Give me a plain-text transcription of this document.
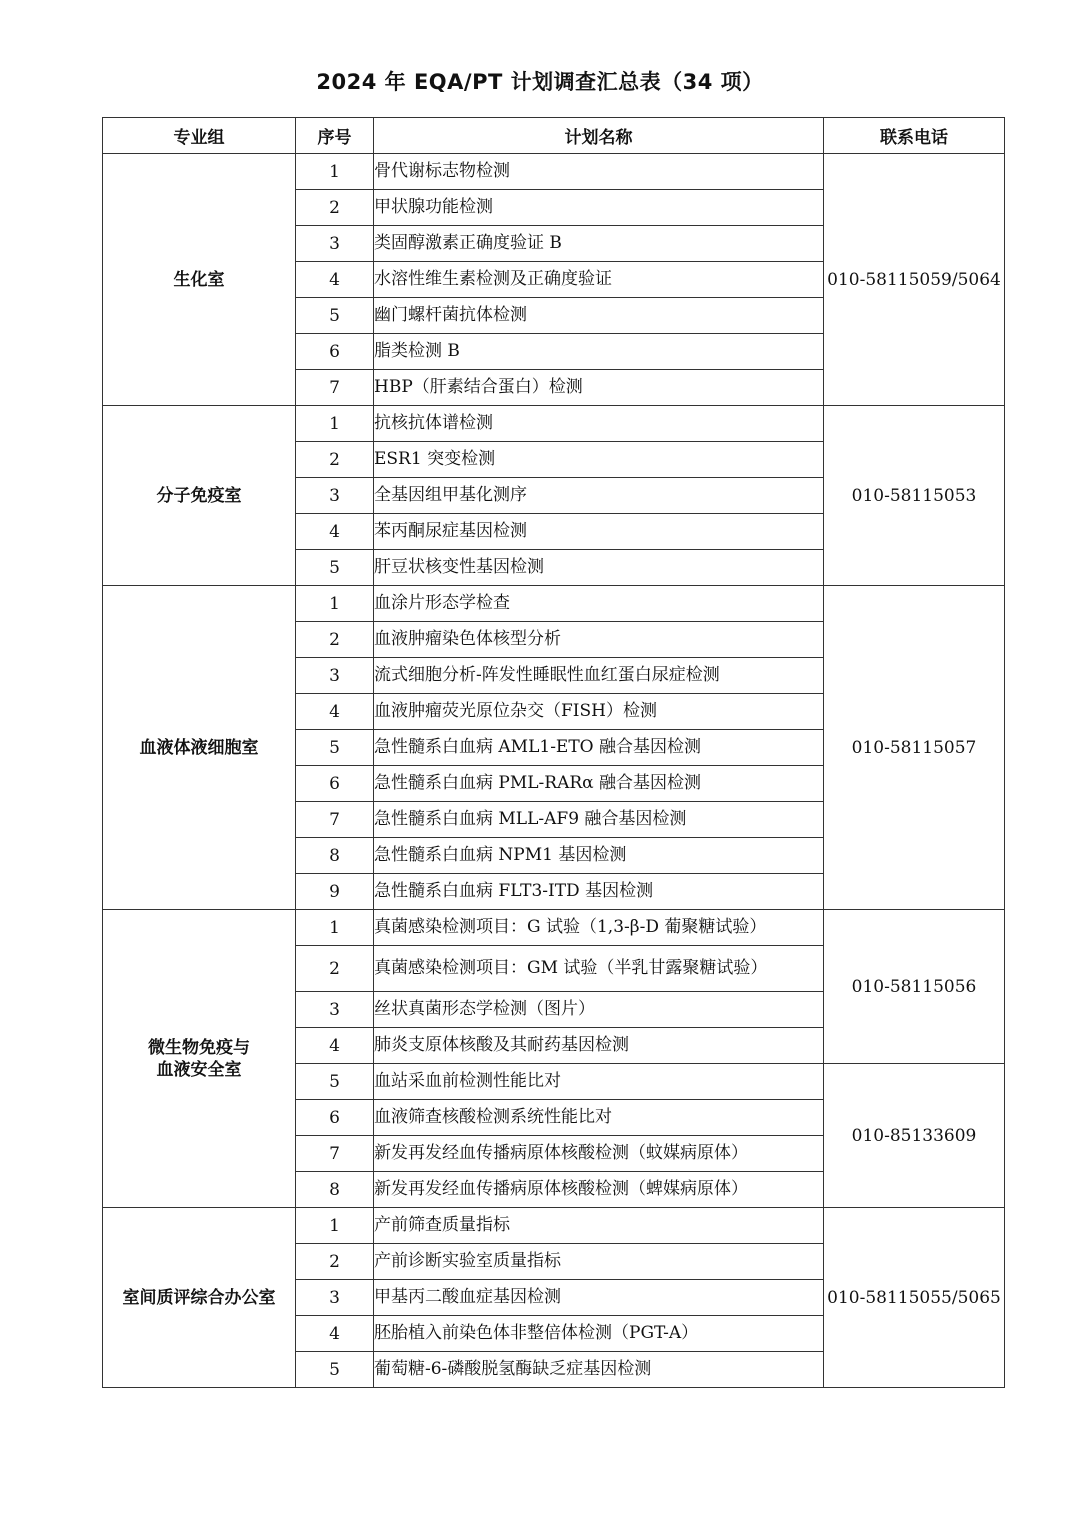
2024 年 EQA/PT 计划调查汇总表（34 项）
专业组	序号	计划名称	联系电话
生化室	1	骨代谢标志物检测	010-58115059/5064
	2	甲状腺功能检测	
	3	类固醇激素正确度验证 B	
	4	水溶性维生素检测及正确度验证	
	5	幽门螺杆菌抗体检测	
	6	脂类检测 B	
	7	HBP（肝素结合蛋白）检测	
分子免疫室	1	抗核抗体谱检测	010-58115053
	2	ESR1 突变检测	
	3	全基因组甲基化测序	
	4	苯丙酮尿症基因检测	
	5	肝豆状核变性基因检测	
血液体液细胞室	1	血涂片形态学检查	010-58115057
	2	血液肿瘤染色体核型分析	
	3	流式细胞分析-阵发性睡眠性血红蛋白尿症检测	
	4	血液肿瘤荧光原位杂交（FISH）检测	
	5	急性髓系白血病 AML1-ETO 融合基因检测	
	6	急性髓系白血病 PML-RARα 融合基因检测	
	7	急性髓系白血病 MLL-AF9 融合基因检测	
	8	急性髓系白血病 NPM1 基因检测	
	9	急性髓系白血病 FLT3-ITD 基因检测	
微生物免疫与
血液安全室	1	真菌感染检测项目：G 试验（1,3-β-D 葡聚糖试验）	010-58115056
	2	真菌感染检测项目：GM 试验（半乳甘露聚糖试验）	
	3	丝状真菌形态学检测（图片）	
	4	肺炎支原体核酸及其耐药基因检测	
	5	血站采血前检测性能比对	010-85133609
	6	血液筛查核酸检测系统性能比对	
	7	新发再发经血传播病原体核酸检测（蚊媒病原体）	
	8	新发再发经血传播病原体核酸检测（蜱媒病原体）	
室间质评综合办公室	1	产前筛查质量指标	010-58115055/5065
	2	产前诊断实验室质量指标	
	3	甲基丙二酸血症基因检测	
	4	胚胎植入前染色体非整倍体检测（PGT-A）	
	5	葡萄糖-6-磷酸脱氢酶缺乏症基因检测	
